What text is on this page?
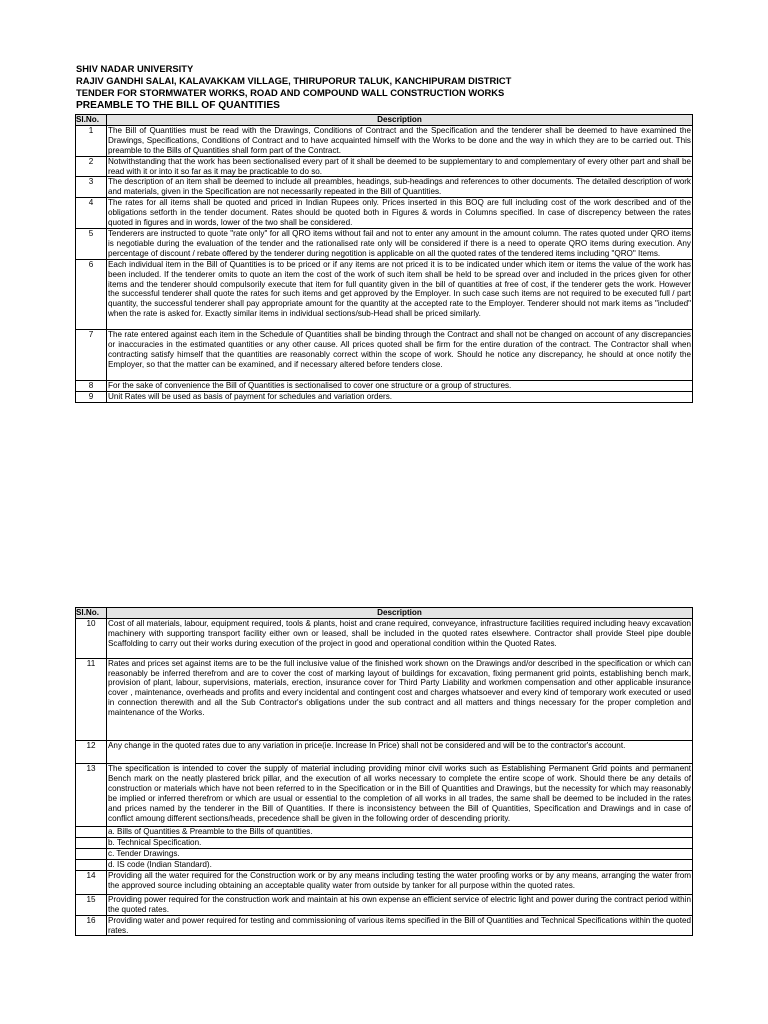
SHIV NADAR UNIVERSITY
RAJIV GANDHI SALAI, KALAVAKKAM VILLAGE, THIRUPORUR TALUK, KANCHIPURAM DISTRICT
TENDER FOR STORMWATER WORKS, ROAD AND COMPOUND WALL CONSTRUCTION WORKS
PREAMBLE TO THE BILL OF QUANTITIES
Sl.No.	Description
1	The Bill of Quantities must be read with the Drawings, Conditions of Contract and the Specification and the tenderer shall be deemed to have examined the Drawings, Specifications, Conditions of Contract and to have acquainted himself with the Works to be done and the way in which they are to be carried out. This preamble to the Bills of Quantities shall form part of the Contract.
2	Notwithstanding that the work has been sectionalised every part of it shall be deemed to be supplementary to and complementary of every other part and shall be read with it or into it so far as it may be practicable to do so.
3	The description of an item shall be deemed to include all preambles, headings, sub-headings and references to other documents. The detailed description of work and materials, given in the Specification are not necessarily repeated in the Bill of Quantities.
4	The rates for all items shall be quoted and priced in Indian Rupees only. Prices inserted in this BOQ are full including cost of the work described and of the obligations setforth in the tender document. Rates should be quoted both in Figures & words in Columns specified. In case of discrepency between the rates quoted in figures and in words, lower of the two shall be considered.
5	Tenderers are instructed to quote "rate only" for all QRO items without fail and not to enter any amount in the amount column. The rates quoted under QRO items is negotiable during the evaluation of the tender and the rationalised rate only will be considered if there is a need to operate QRO items during execution. Any percentage of discount / rebate offered by the tenderer during negotition is applicable on all the quoted rates of the tendered items including "QRO" Items.
6	Each individual item in the Bill of Quantities is to be priced or if any items are not priced it is to be indicated under which item or items the value of the work has been included. If the tenderer omits to quote an item the cost of the work of such item shall be held to be spread over and included in the prices given for other items and the tenderer should compulsorily execute that item for full quantity given in the bill of quantities at free of cost, if the tenderer gets the work. However the successful tenderer shall quote the rates for such items and get approved by the Employer. In such case such items are not required to be executed full / part quantity, the successful tenderer shall pay appropriate amount for the quantity at the accepted rate to the Employer. Tenderer should not mark items as "included" when the rate is asked for. Exactly similar items in individual sections/sub-Head shall be priced similarly.
7	The rate entered against each item in the Schedule of Quantities shall be binding through the Contract and shall not be changed on account of any discrepancies or inaccuracies in the estimated quantities or any other cause. All prices quoted shall be firm for the entire duration of the contract. The Contractor shall when contracting satisfy himself that the quantities are reasonably correct within the scope of work. Should he notice any discrepancy, he should at once notify the Employer, so that the matter can be examined, and if necessary altered before tenders close.
8	For the sake of convenience the Bill of Quantities is sectionalised to cover one structure or a group of structures.
9	Unit Rates will be used as basis of payment for schedules and variation orders.
Sl.No.	Description
10	Cost of all materials, labour, equipment required, tools & plants, hoist and crane required, conveyance, infrastructure facilities required including heavy excavation machinery with supporting transport facility either own or leased, shall be included in the quoted rates elsewhere. Contractor shall provide Steel pipe double Scaffolding to carry out their works during execution of the project in good and operational condition within the Quoted Rates.
11	Rates and prices set against items are to be the full inclusive value of the finished work shown on the Drawings and/or described in the specification or which can reasonably be inferred therefrom and are to cover the cost of marking layout of buildings for excavation, fixing permanent grid points, establishing bench mark, provision of plant, labour, supervisions, materials, erection, insurance cover for Third Party Liability and workmen compensation and other applicable insurance cover , maintenance, overheads and profits and every incidental and contingent cost and charges whatsoever and every kind of temporary work executed or used in connection therewith and all the Sub Contractor's obligations under the sub contract and all matters and things necessary for the proper completion and maintenance of the Works.
12	Any change in the quoted rates due to any variation in price(ie. Increase In Price) shall not be considered and will be to the contractor's account.
13	The specification is intended to cover the supply of material including providing minor civil works such as Establishing Permanent Grid points and permanent Bench mark on the neatly plastered brick pillar, and the execution of all works necessary to complete the entire scope of work. Should there be any details of construction or materials which have not been referred to in the Specification or in the Bill of Quantities and Drawings, but the necessity for which may reasonably be implied or inferred therefrom or which are usual or essential to the completion of all works in all trades, the same shall be deemed to be included in the rates and prices named by the tenderer in the Bill of Quantities. If there is inconsistency between the Bill of Quantities, Specification and Drawings and in case of conflict amoung different sections/heads, precedence shall be given in the following order of descending priority.
	a. Bills of Quantities & Preamble to the Bills of quantities.
	b. Technical Specification.
	c. Tender Drawings.
	d. IS code (Indian Standard).
14	Providing all the water required for the Construction work or by any means including testing the water proofing works or by any means, arranging the water from the approved source including obtaining an acceptable quality water from outside by tanker for all purpose within the quoted rates.
15	Providing power required for the construction work and maintain at his own expense an efficient service of electric light and power during the contract period within the quoted rates.
16	Providing water and power required for testing and commissioning of various items specified in the Bill of Quantities and Technical Specifications within the quoted rates.
